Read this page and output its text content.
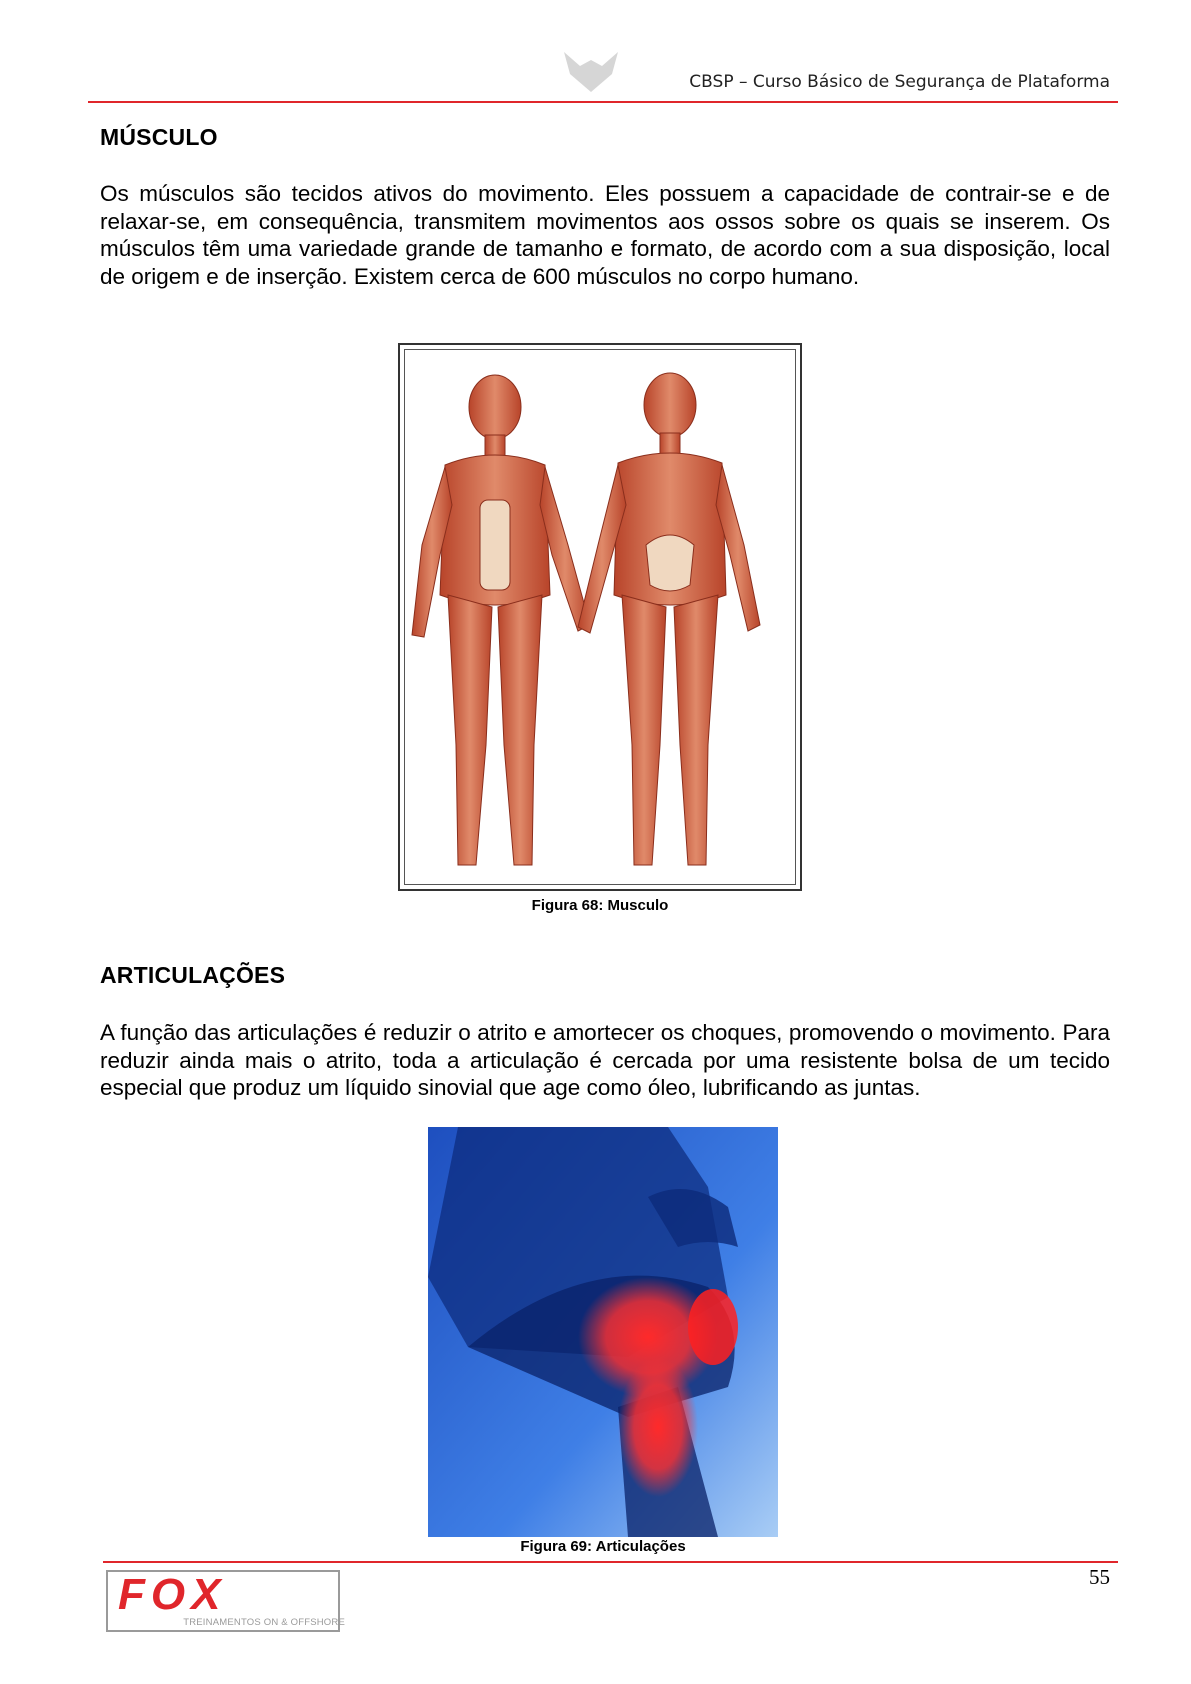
CBSP – Curso Básico de Segurança de Plataforma
MÚSCULO
Os músculos são tecidos ativos do movimento. Eles possuem a capacidade de contrair-se e de relaxar-se, em consequência, transmitem movimentos aos ossos sobre os quais se inserem. Os músculos têm uma variedade grande de tamanho e formato, de acordo com a sua disposição, local de origem e de inserção. Existem cerca de 600 músculos no corpo humano.
Figura 68: Musculo
ARTICULAÇÕES
A função das articulações é reduzir o atrito e amortecer os choques, promovendo o movimento. Para reduzir ainda mais o atrito, toda a articulação é cercada por uma resistente bolsa de um tecido especial que produz um líquido sinovial que age como óleo, lubrificando as juntas.
Figura 69: Articulações
55
FOX
TREINAMENTOS ON & OFFSHORE
